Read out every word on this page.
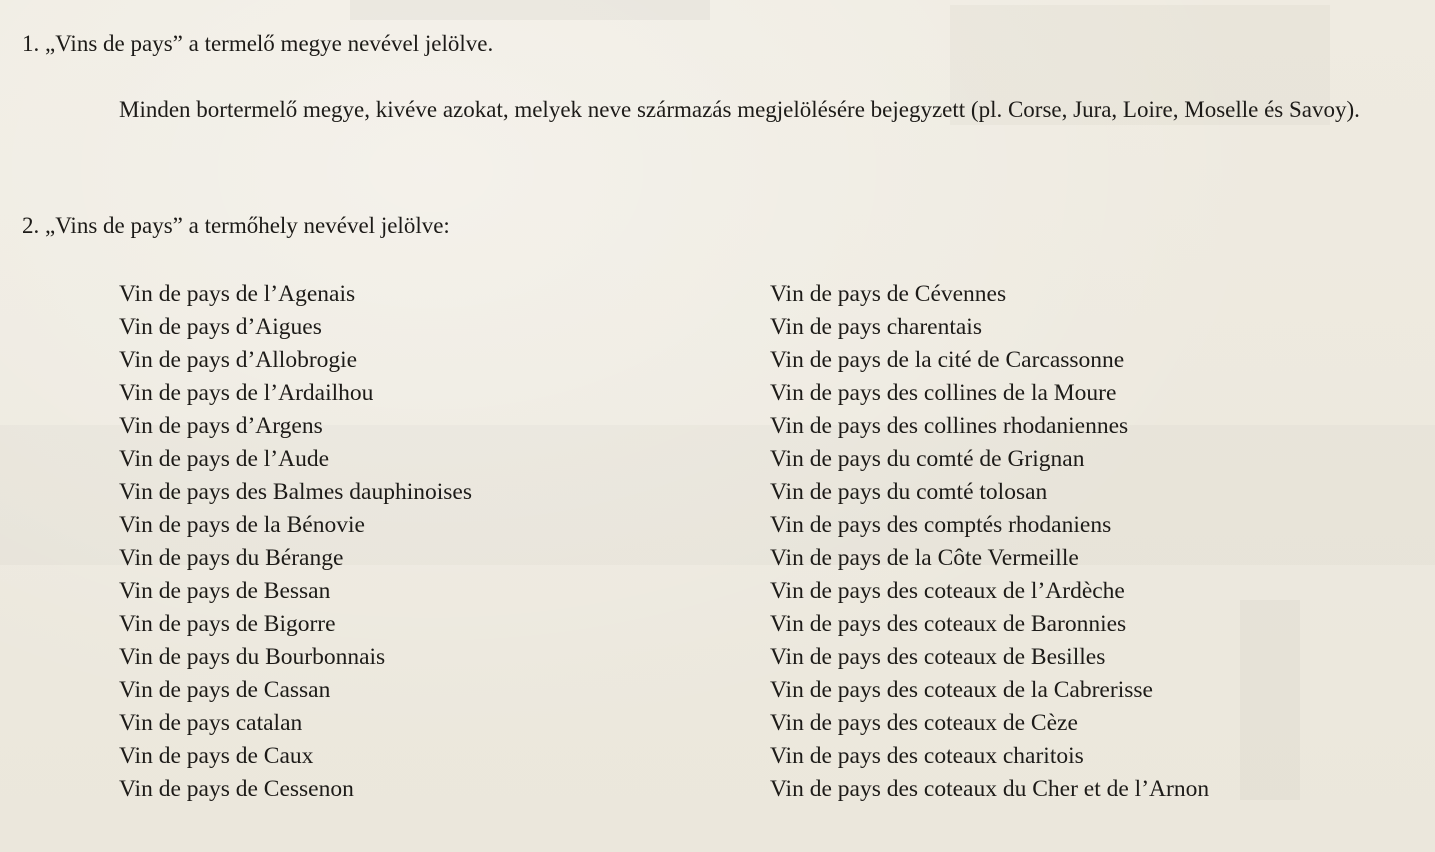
1. „Vins de pays” a termelő megye nevével jelölve.
Minden bortermelő megye, kivéve azokat, melyek neve származás megjelölésére bejegyzett (pl. Corse, Jura, Loire, Moselle és Savoy).
2. „Vins de pays” a termőhely nevével jelölve:
Vin de pays de l’Agenais
Vin de pays d’Aigues
Vin de pays d’Allobrogie
Vin de pays de l’Ardailhou
Vin de pays d’Argens
Vin de pays de l’Aude
Vin de pays des Balmes dauphinoises
Vin de pays de la Bénovie
Vin de pays du Bérange
Vin de pays de Bessan
Vin de pays de Bigorre
Vin de pays du Bourbonnais
Vin de pays de Cassan
Vin de pays catalan
Vin de pays de Caux
Vin de pays de Cessenon
Vin de pays de Cévennes
Vin de pays charentais
Vin de pays de la cité de Carcassonne
Vin de pays des collines de la Moure
Vin de pays des collines rhodaniennes
Vin de pays du comté de Grignan
Vin de pays du comté tolosan
Vin de pays des comptés rhodaniens
Vin de pays de la Côte Vermeille
Vin de pays des coteaux de l’Ardèche
Vin de pays des coteaux de Baronnies
Vin de pays des coteaux de Besilles
Vin de pays des coteaux de la Cabrerisse
Vin de pays des coteaux de Cèze
Vin de pays des coteaux charitois
Vin de pays des coteaux du Cher et de l’Arnon
